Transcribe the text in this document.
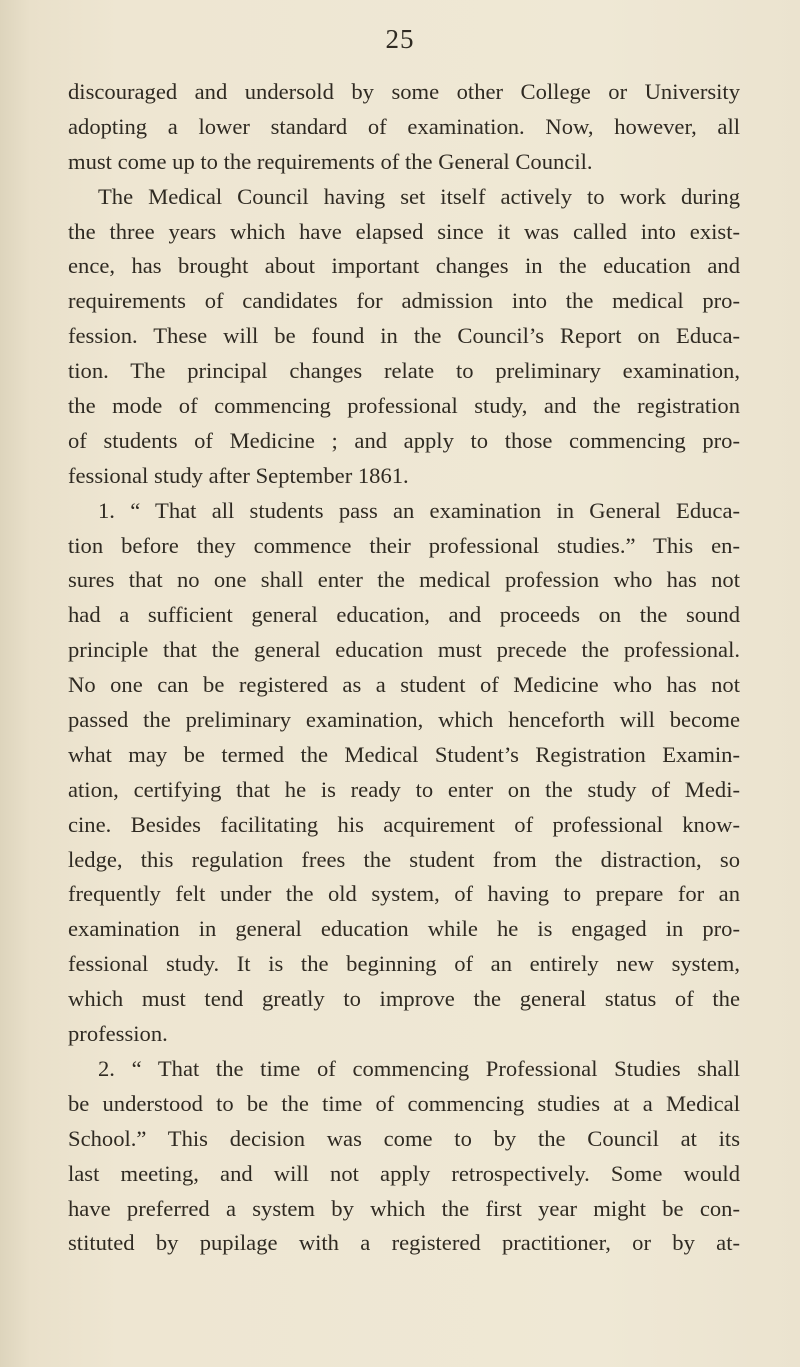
25
discouraged and undersold by some other College or University
adopting a lower standard of examination. Now, however, all
must come up to the requirements of the General Council.
The Medical Council having set itself actively to work during
the three years which have elapsed since it was called into exist-
ence, has brought about important changes in the education and
requirements of candidates for admission into the medical pro-
fession. These will be found in the Council’s Report on Educa-
tion. The principal changes relate to preliminary examination,
the mode of commencing professional study, and the registration
of students of Medicine ; and apply to those commencing pro-
fessional study after September 1861.
1. “ That all students pass an examination in General Educa-
tion before they commence their professional studies.” This en-
sures that no one shall enter the medical profession who has not
had a sufficient general education, and proceeds on the sound
principle that the general education must precede the professional.
No one can be registered as a student of Medicine who has not
passed the preliminary examination, which henceforth will become
what may be termed the Medical Student’s Registration Examin-
ation, certifying that he is ready to enter on the study of Medi-
cine. Besides facilitating his acquirement of professional know-
ledge, this regulation frees the student from the distraction, so
frequently felt under the old system, of having to prepare for an
examination in general education while he is engaged in pro-
fessional study. It is the beginning of an entirely new system,
which must tend greatly to improve the general status of the
profession.
2. “ That the time of commencing Professional Studies shall
be understood to be the time of commencing studies at a Medical
School.” This decision was come to by the Council at its
last meeting, and will not apply retrospectively. Some would
have preferred a system by which the first year might be con-
stituted by pupilage with a registered practitioner, or by at-
